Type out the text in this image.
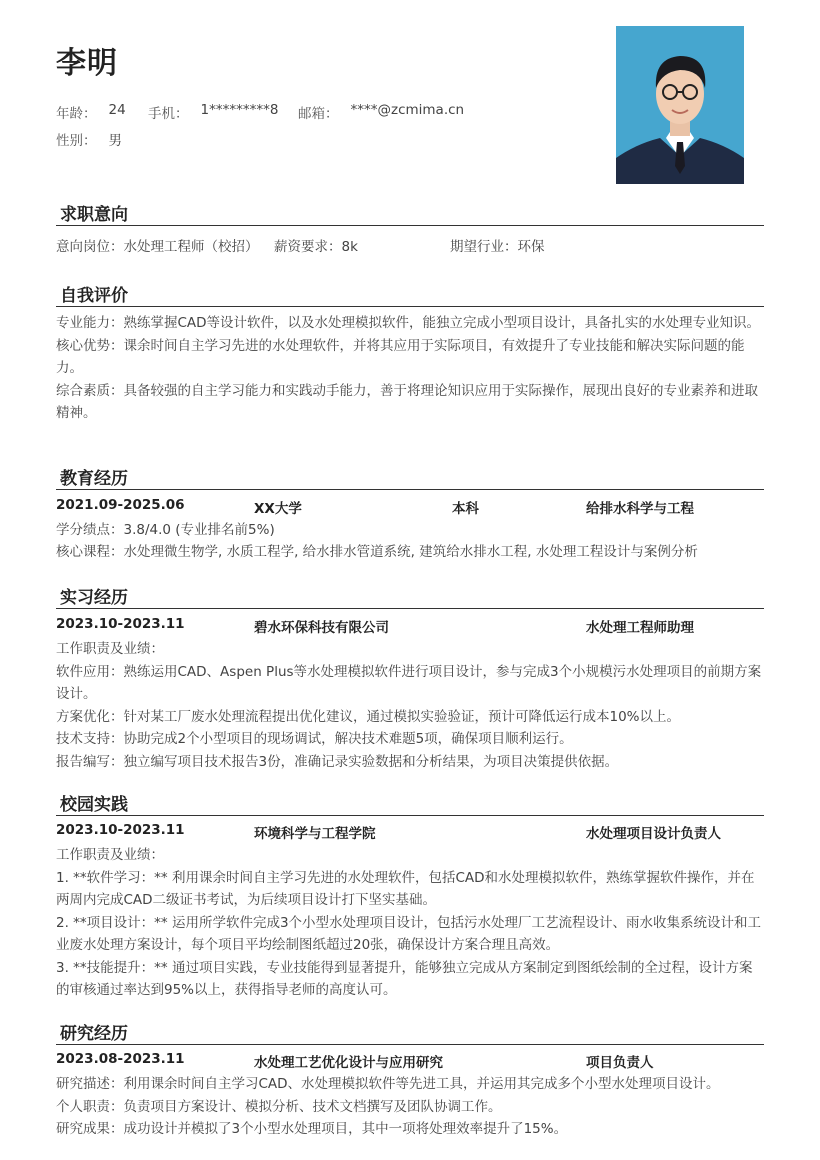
李明
年龄： 24 手机： 1*********8 邮箱： ****@zcmima.cn
性别： 男
求职意向
意向岗位：水处理工程师（校招） 薪资要求：8k	期望行业：环保
自我评价
专业能力：熟练掌握CAD等设计软件，以及水处理模拟软件，能独立完成小型项目设计，具备扎实的水处理专业知识。
核心优势：课余时间自主学习先进的水处理软件，并将其应用于实际项目，有效提升了专业技能和解决实际问题的能力。
综合素质：具备较强的自主学习能力和实践动手能力，善于将理论知识应用于实际操作，展现出良好的专业素养和进取精神。
教育经历
2021.09-2025.06	XX大学	本科	给排水科学与工程
学分绩点：3.8/4.0 (专业排名前5%)
核心课程：水处理微生物学, 水质工程学, 给水排水管道系统, 建筑给水排水工程, 水处理工程设计与案例分析
实习经历
2023.10-2023.11	碧水环保科技有限公司	水处理工程师助理
工作职责及业绩：
软件应用：熟练运用CAD、Aspen Plus等水处理模拟软件进行项目设计，参与完成3个小规模污水处理项目的前期方案设计。
方案优化：针对某工厂废水处理流程提出优化建议，通过模拟实验验证，预计可降低运行成本10%以上。
技术支持：协助完成2个小型项目的现场调试，解决技术难题5项，确保项目顺利运行。
报告编写：独立编写项目技术报告3份，准确记录实验数据和分析结果，为项目决策提供依据。
校园实践
2023.10-2023.11	环境科学与工程学院	水处理项目设计负责人
工作职责及业绩：
1. **软件学习：** 利用课余时间自主学习先进的水处理软件，包括CAD和水处理模拟软件，熟练掌握软件操作，并在两周内完成CAD二级证书考试，为后续项目设计打下坚实基础。
2. **项目设计：** 运用所学软件完成3个小型水处理项目设计，包括污水处理厂工艺流程设计、雨水收集系统设计和工业废水处理方案设计，每个项目平均绘制图纸超过20张，确保设计方案合理且高效。
3. **技能提升：** 通过项目实践，专业技能得到显著提升，能够独立完成从方案制定到图纸绘制的全过程，设计方案的审核通过率达到95%以上，获得指导老师的高度认可。
研究经历
2023.08-2023.11	水处理工艺优化设计与应用研究	项目负责人
研究描述：利用课余时间自主学习CAD、水处理模拟软件等先进工具，并运用其完成多个小型水处理项目设计。
个人职责：负责项目方案设计、模拟分析、技术文档撰写及团队协调工作。
研究成果：成功设计并模拟了3个小型水处理项目，其中一项将处理效率提升了15%。
